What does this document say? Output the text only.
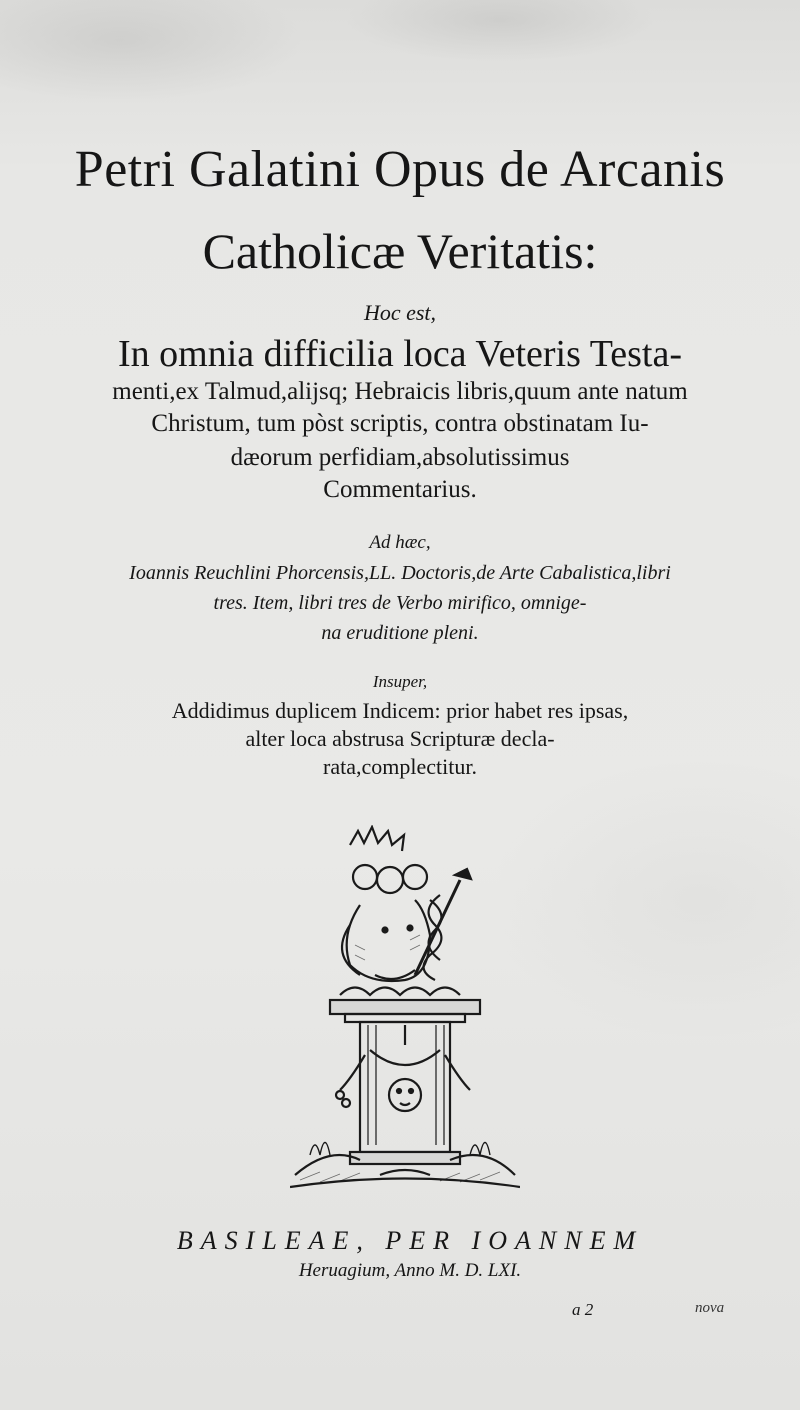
Petri Galatini Opus de Arcanis
Catholicæ Veritatis:
Hoc est,
In omnia difficilia loca Veteris Testa-
menti,ex Talmud,alijsq; Hebraicis libris,quum ante natum
Christum, tum pòst scriptis, contra obstinatam Iu-
dæorum perfidiam,absolutissimus
Commentarius.
Ad hæc,
Ioannis Reuchlini Phorcensis,LL. Doctoris,de Arte Cabalistica,libri
tres. Item, libri tres de Verbo mirifico, omnige-
na eruditione pleni.
Insuper,
Addidimus duplicem Indicem: prior habet res ipsas,
alter loca abstrusa Scripturæ decla-
rata,complectitur.
BASILEAE, PER IOANNEM
Heruagium, Anno M. D. LXI.
a 2	nova
